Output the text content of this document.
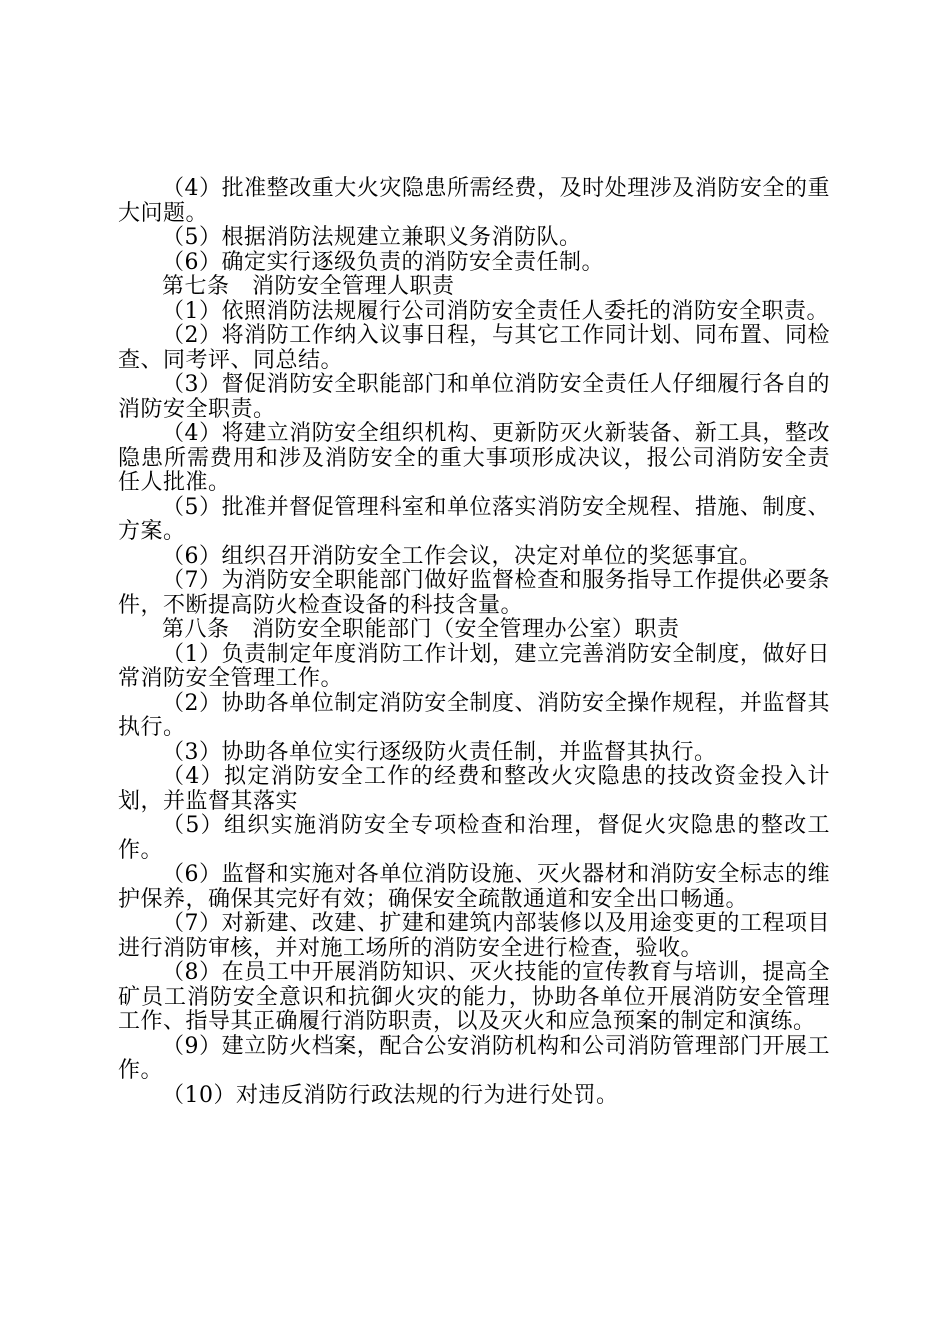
（4）批准整改重大火灾隐患所需经费，及时处理涉及消防安全的重大问题。

（5）根据消防法规建立兼职义务消防队。

（6）确定实行逐级负责的消防安全责任制。

第七条　消防安全管理人职责

（1）依照消防法规履行公司消防安全责任人委托的消防安全职责。

（2）将消防工作纳入议事日程，与其它工作同计划、同布置、同检查、同考评、同总结。

（3）督促消防安全职能部门和单位消防安全责任人仔细履行各自的消防安全职责。

（4）将建立消防安全组织机构、更新防灭火新装备、新工具，整改隐患所需费用和涉及消防安全的重大事项形成决议，报公司消防安全责任人批准。

（5）批准并督促管理科室和单位落实消防安全规程、措施、制度、方案。

（6）组织召开消防安全工作会议，决定对单位的奖惩事宜。

（7）为消防安全职能部门做好监督检查和服务指导工作提供必要条件，不断提高防火检查设备的科技含量。

第八条　消防安全职能部门（安全管理办公室）职责

（1）负责制定年度消防工作计划，建立完善消防安全制度，做好日常消防安全管理工作。

（2）协助各单位制定消防安全制度、消防安全操作规程，并监督其执行。

（3）协助各单位实行逐级防火责任制，并监督其执行。

（4）拟定消防安全工作的经费和整改火灾隐患的技改资金投入计划，并监督其落实

（5）组织实施消防安全专项检查和治理，督促火灾隐患的整改工作。

（6）监督和实施对各单位消防设施、灭火器材和消防安全标志的维护保养，确保其完好有效；确保安全疏散通道和安全出口畅通。

（7）对新建、改建、扩建和建筑内部装修以及用途变更的工程项目进行消防审核，并对施工场所的消防安全进行检查，验收。

（8）在员工中开展消防知识、灭火技能的宣传教育与培训，提高全矿员工消防安全意识和抗御火灾的能力，协助各单位开展消防安全管理工作、指导其正确履行消防职责，以及灭火和应急预案的制定和演练。

（9）建立防火档案，配合公安消防机构和公司消防管理部门开展工作。

（10）对违反消防行政法规的行为进行处罚。
